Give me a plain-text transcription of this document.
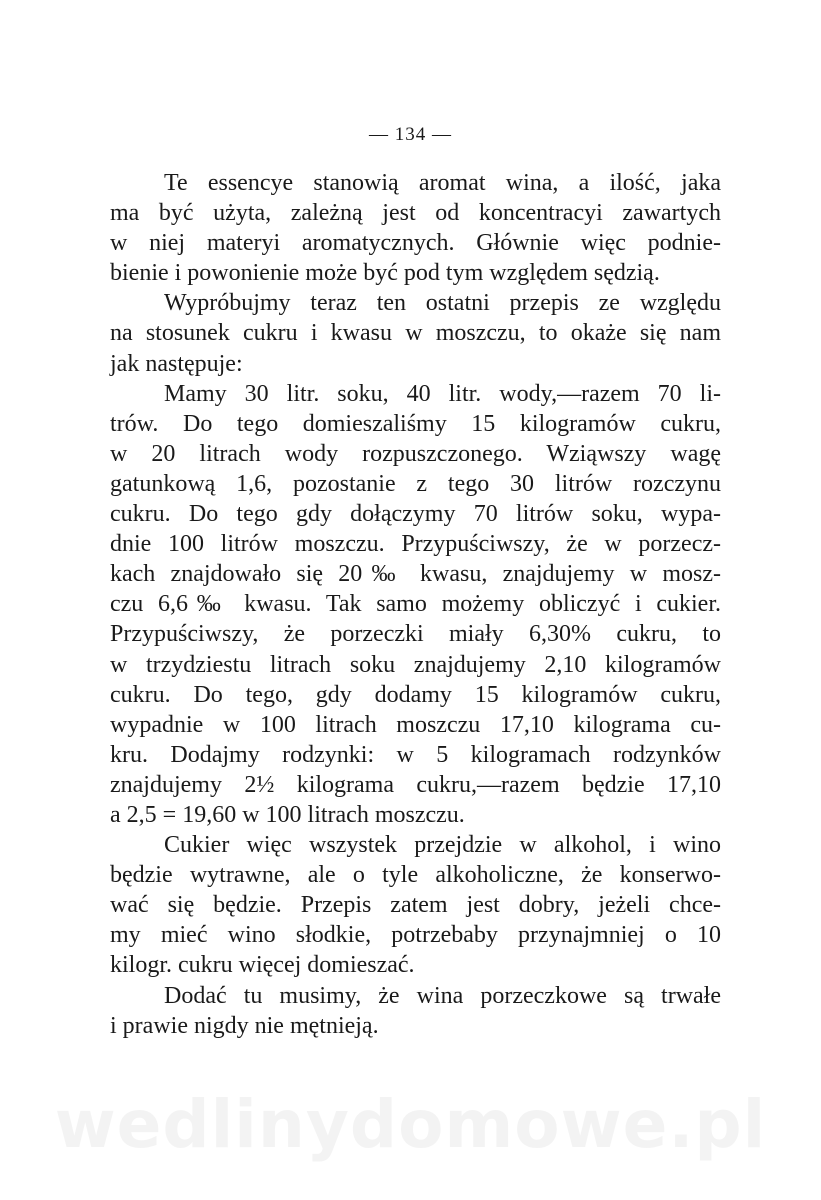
— 134 —

Te essencye stanowią aromat wina, a ilość, jaka
ma być użyta, zależną jest od koncentracyi zawartych
w niej materyi aromatycznych. Głównie więc podnie-
bienie i powonienie może być pod tym względem sędzią.

Wypróbujmy teraz ten ostatni przepis ze względu
na stosunek cukru i kwasu w moszczu, to okaże się nam
jak następuje:

Mamy 30 litr. soku, 40 litr. wody,—razem 70 li-
trów. Do tego domieszaliśmy 15 kilogramów cukru,
w 20 litrach wody rozpuszczonego. Wziąwszy wagę
gatunkową 1,6, pozostanie z tego 30 litrów rozczynu
cukru. Do tego gdy dołączymy 70 litrów soku, wypa-
dnie 100 litrów moszczu. Przypuściwszy, że w porzecz-
kach znajdowało się 20‰ kwasu, znajdujemy w mosz-
czu 6,6‰ kwasu. Tak samo możemy obliczyć i cukier.
Przypuściwszy, że porzeczki miały 6,30% cukru, to
w trzydziestu litrach soku znajdujemy 2,10 kilogramów
cukru. Do tego, gdy dodamy 15 kilogramów cukru,
wypadnie w 100 litrach moszczu 17,10 kilograma cu-
kru. Dodajmy rodzynki: w 5 kilogramach rodzynków
znajdujemy 2½ kilograma cukru,—razem będzie 17,10
a 2,5 = 19,60 w 100 litrach moszczu.

Cukier więc wszystek przejdzie w alkohol, i wino
będzie wytrawne, ale o tyle alkoholiczne, że konserwo-
wać się będzie. Przepis zatem jest dobry, jeżeli chce-
my mieć wino słodkie, potrzebaby przynajmniej o 10
kilogr. cukru więcej domieszać.

Dodać tu musimy, że wina porzeczkowe są trwałe
i prawie nigdy nie mętnieją.

wedlinydomowe.pl
